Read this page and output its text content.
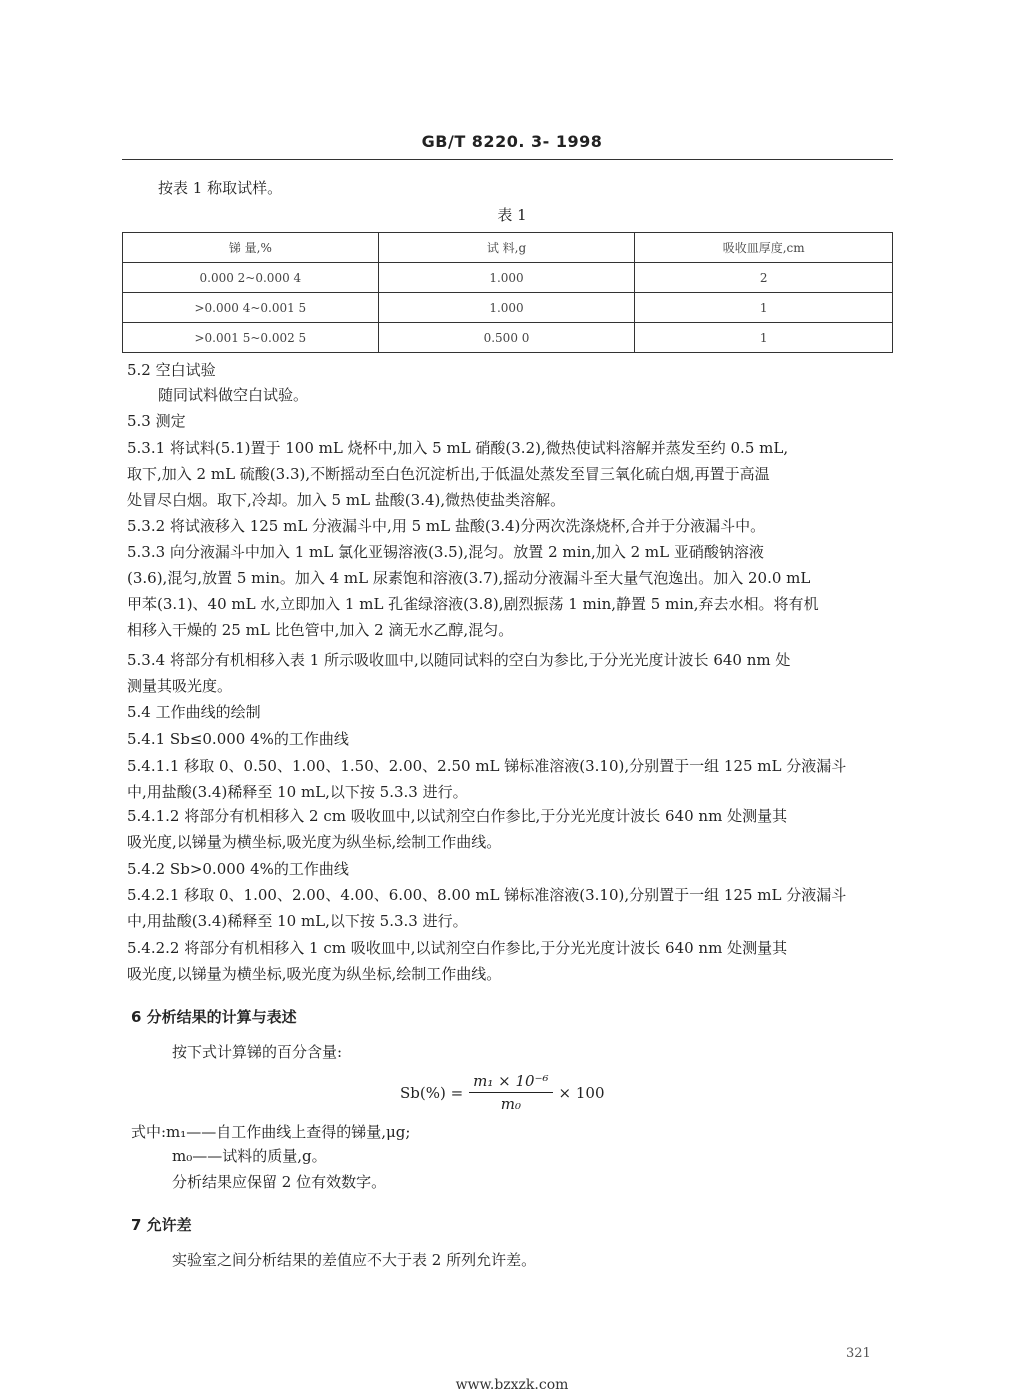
GB/T 8220. 3- 1998
按表 1 称取试样。
表 1
锑 量,%	试 料,g	吸收皿厚度,cm
0.000 2~0.000 4	1.000	2
>0.000 4~0.001 5	1.000	1
>0.001 5~0.002 5	0.500 0	1
5.2 空白试验
随同试料做空白试验。
5.3 测定
5.3.1 将试料(5.1)置于 100 mL 烧杯中,加入 5 mL 硝酸(3.2),微热使试料溶解并蒸发至约 0.5 mL,
取下,加入 2 mL 硫酸(3.3),不断摇动至白色沉淀析出,于低温处蒸发至冒三氧化硫白烟,再置于高温
处冒尽白烟。取下,冷却。加入 5 mL 盐酸(3.4),微热使盐类溶解。
5.3.2 将试液移入 125 mL 分液漏斗中,用 5 mL 盐酸(3.4)分两次洗涤烧杯,合并于分液漏斗中。
5.3.3 向分液漏斗中加入 1 mL 氯化亚锡溶液(3.5),混匀。放置 2 min,加入 2 mL 亚硝酸钠溶液
(3.6),混匀,放置 5 min。加入 4 mL 尿素饱和溶液(3.7),摇动分液漏斗至大量气泡逸出。加入 20.0 mL
甲苯(3.1)、40 mL 水,立即加入 1 mL 孔雀绿溶液(3.8),剧烈振荡 1 min,静置 5 min,弃去水相。将有机
相移入干燥的 25 mL 比色管中,加入 2 滴无水乙醇,混匀。
5.3.4 将部分有机相移入表 1 所示吸收皿中,以随同试料的空白为参比,于分光光度计波长 640 nm 处
测量其吸光度。
5.4 工作曲线的绘制
5.4.1 Sb≤0.000 4%的工作曲线
5.4.1.1 移取 0、0.50、1.00、1.50、2.00、2.50 mL 锑标准溶液(3.10),分别置于一组 125 mL 分液漏斗
中,用盐酸(3.4)稀释至 10 mL,以下按 5.3.3 进行。
5.4.1.2 将部分有机相移入 2 cm 吸收皿中,以试剂空白作参比,于分光光度计波长 640 nm 处测量其
吸光度,以锑量为横坐标,吸光度为纵坐标,绘制工作曲线。
5.4.2 Sb>0.000 4%的工作曲线
5.4.2.1 移取 0、1.00、2.00、4.00、6.00、8.00 mL 锑标准溶液(3.10),分别置于一组 125 mL 分液漏斗
中,用盐酸(3.4)稀释至 10 mL,以下按 5.3.3 进行。
5.4.2.2 将部分有机相移入 1 cm 吸收皿中,以试剂空白作参比,于分光光度计波长 640 nm 处测量其
吸光度,以锑量为横坐标,吸光度为纵坐标,绘制工作曲线。
6 分析结果的计算与表述
按下式计算锑的百分含量:
$Sb(\%) = \frac{\text{m₁ × 10⁻⁶}}{\text{m₀}} \times 100$
式中:m₁——自工作曲线上查得的锑量,μg;
m₀——试料的质量,g。
分析结果应保留 2 位有效数字。
7 允许差
实验室之间分析结果的差值应不大于表 2 所列允许差。
321
www.bzxzk.com
